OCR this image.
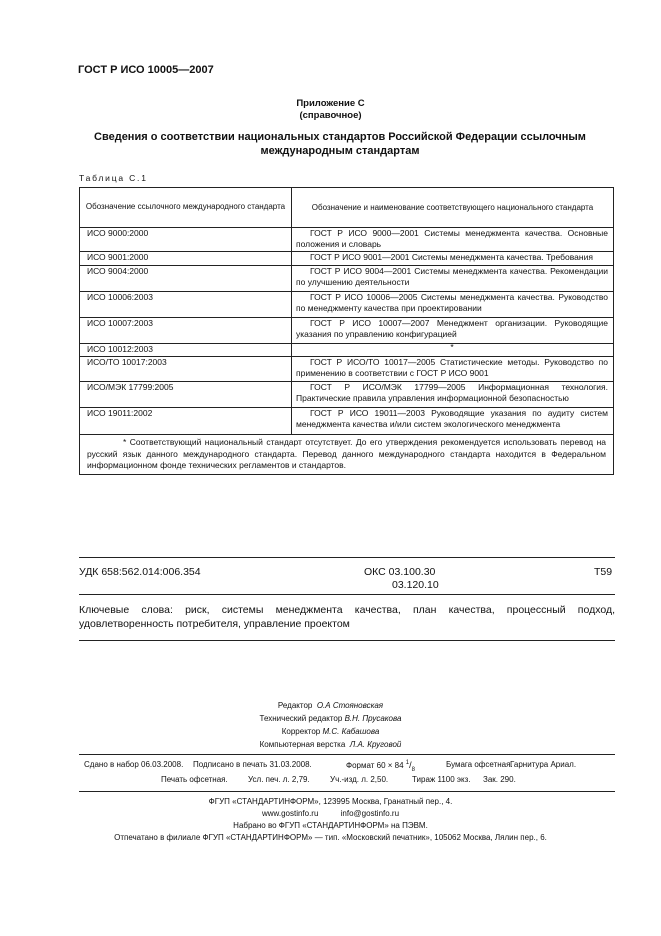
ГОСТ Р ИСО 10005—2007
Приложение С
(справочное)
Сведения о соответствии национальных стандартов Российской Федерации ссылочным международным стандартам
Таблица С.1
Обозначение ссылочного международного стандарта	Обозначение и наименование соответствующего национального стандарта
ИСО 9000:2000	ГОСТ Р ИСО 9000—2001 Системы менеджмента качества. Основные положения и словарь
ИСО 9001:2000	ГОСТ Р ИСО 9001—2001 Системы менеджмента качества. Требования
ИСО 9004:2000	ГОСТ Р ИСО 9004—2001 Системы менеджмента качества. Рекомендации по улучшению деятельности
ИСО 10006:2003	ГОСТ Р ИСО 10006—2005 Системы менеджмента качества. Руководство по менеджменту качества при проектировании
ИСО 10007:2003	ГОСТ Р ИСО 10007—2007 Менеджмент организации. Руководящие указания по управлению конфигурацией
ИСО 10012:2003	*
ИСО/ТО 10017:2003	ГОСТ Р ИСО/ТО 10017—2005 Статистические методы. Руководство по применению в соответствии с ГОСТ Р ИСО 9001
ИСО/МЭК 17799:2005	ГОСТ Р ИСО/МЭК 17799—2005 Информационная технология. Практические правила управления информационной безопасностью
ИСО 19011:2002	ГОСТ Р ИСО 19011—2003 Руководящие указания по аудиту систем менеджмента качества и/или систем экологического менеджмента
* Соответствующий национальный стандарт отсутствует. До его утверждения рекомендуется использовать перевод на русский язык данного международного стандарта. Перевод данного международного стандарта находится в Федеральном информационном фонде технических регламентов и стандартов.
УДК 658:562.014:006.354	ОКС 03.100.30
03.120.10
Т59
Ключевые слова: риск, системы менеджмента качества, план качества, процессный подход, удовлетворенность потребителя, управление проектом
Редактор О.А Стояновская
Технический редактор В.Н. Прусакова
Корректор М.С. Кабашова
Компьютерная верстка Л.А. Круговой
Сдано в набор 06.03.2008. Подписано в печать 31.03.2008.	Формат 60 × 84 $^1/_8$
Бумага офсетная.
Гарнитура Ариал.
Печать офсетная.	Усл. печ. л. 2,79.	Уч.-изд. л. 2,50.	Тираж 1100 экз. Зак. 290.
ФГУП «СТАНДАРТИНФОРМ», 123995 Москва, Гранатный пер., 4.
www.gostinfo.ru	info@gostinfo.ru
Набрано во ФГУП «СТАНДАРТИНФОРМ» на ПЭВМ.
Отпечатано в филиале ФГУП «СТАНДАРТИНФОРМ» — тип. «Московский печатник», 105062 Москва, Лялин пер., 6.
